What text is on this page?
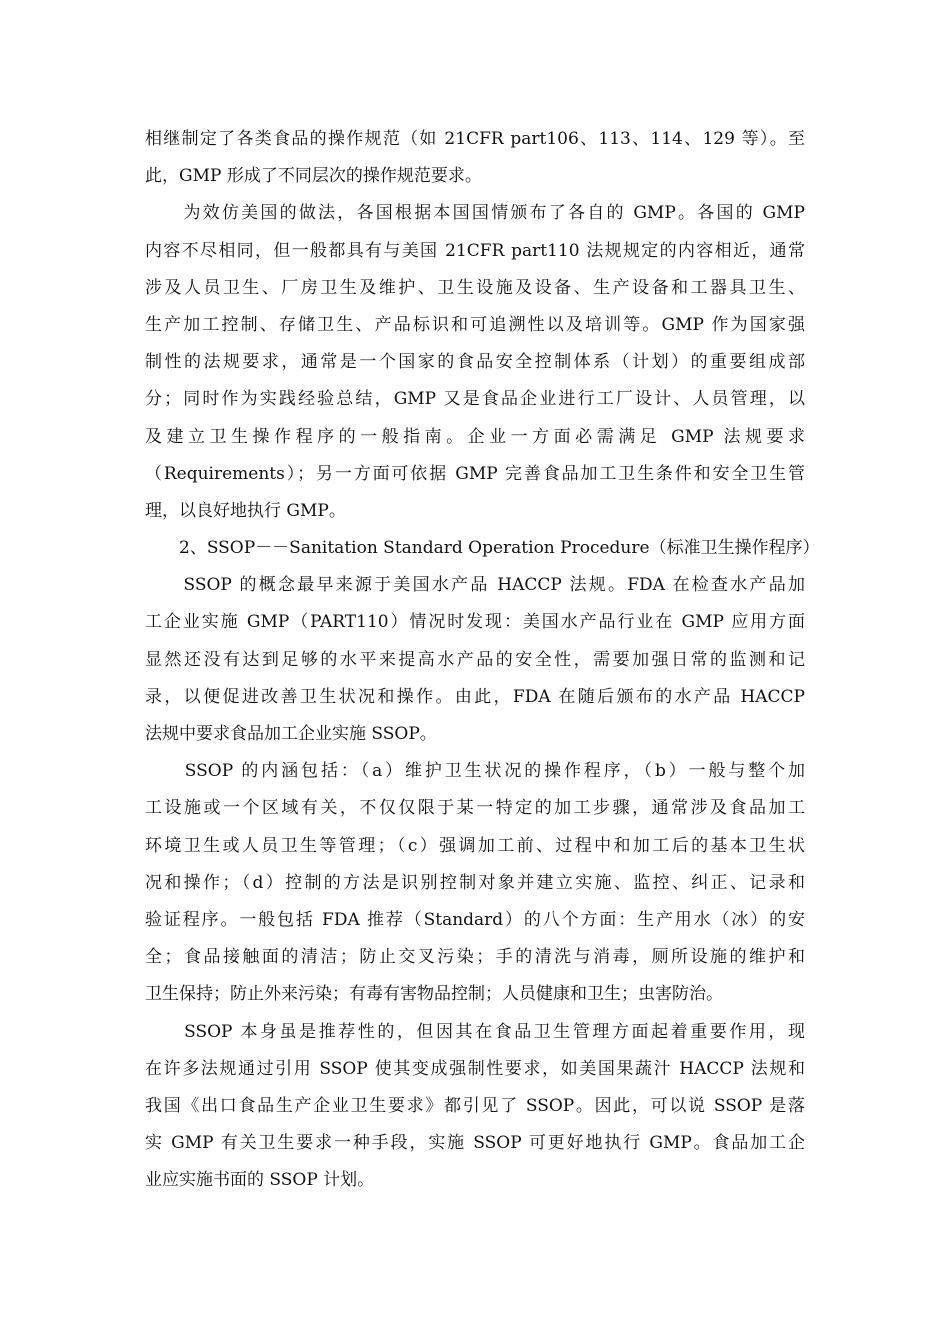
相继制定了各类食品的操作规范（如 21CFR part106、113、114、129 等）。至
此，GMP 形成了不同层次的操作规范要求。
　　为效仿美国的做法，各国根据本国国情颁布了各自的 GMP。各国的 GMP
内容不尽相同，但一般都具有与美国 21CFR part110 法规规定的内容相近，通常
涉及人员卫生、厂房卫生及维护、卫生设施及设备、生产设备和工器具卫生、
生产加工控制、存储卫生、产品标识和可追溯性以及培训等。GMP 作为国家强
制性的法规要求，通常是一个国家的食品安全控制体系（计划）的重要组成部
分；同时作为实践经验总结，GMP 又是食品企业进行工厂设计、人员管理，以
及建立卫生操作程序的一般指南。企业一方面必需满足 GMP 法规要求
（Requirements）；另一方面可依据 GMP 完善食品加工卫生条件和安全卫生管
理，以良好地执行 GMP。
　　2、SSOP－－Sanitation Standard Operation Procedure（标准卫生操作程序）
　　SSOP 的概念最早来源于美国水产品 HACCP 法规。FDA 在检查水产品加
工企业实施 GMP（PART110）情况时发现：美国水产品行业在 GMP 应用方面
显然还没有达到足够的水平来提高水产品的安全性，需要加强日常的监测和记
录，以便促进改善卫生状况和操作。由此，FDA 在随后颁布的水产品 HACCP
法规中要求食品加工企业实施 SSOP。
　　SSOP 的内涵包括：（a）维护卫生状况的操作程序，（b）一般与整个加
工设施或一个区域有关，不仅仅限于某一特定的加工步骤，通常涉及食品加工
环境卫生或人员卫生等管理；（c）强调加工前、过程中和加工后的基本卫生状
况和操作；（d）控制的方法是识别控制对象并建立实施、监控、纠正、记录和
验证程序。一般包括 FDA 推荐（Standard）的八个方面：生产用水（冰）的安
全；食品接触面的清洁；防止交叉污染；手的清洗与消毒，厕所设施的维护和
卫生保持；防止外来污染；有毒有害物品控制；人员健康和卫生；虫害防治。
　　SSOP 本身虽是推荐性的，但因其在食品卫生管理方面起着重要作用，现
在许多法规通过引用 SSOP 使其变成强制性要求，如美国果蔬汁 HACCP 法规和
我国《出口食品生产企业卫生要求》都引见了 SSOP。因此，可以说 SSOP 是落
实 GMP 有关卫生要求一种手段，实施 SSOP 可更好地执行 GMP。食品加工企
业应实施书面的 SSOP 计划。
